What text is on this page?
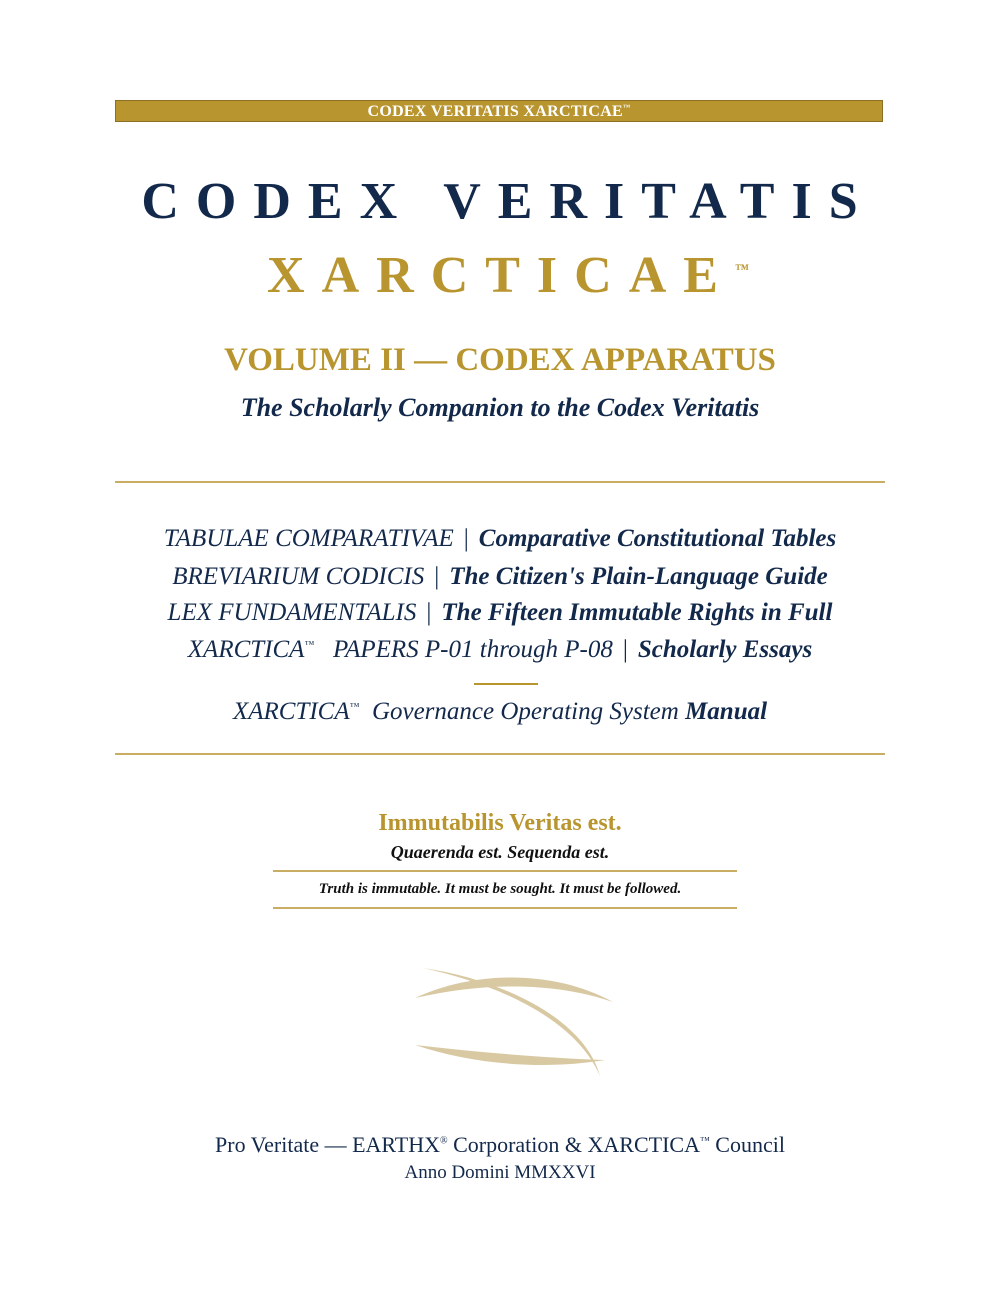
CODEX VERITATIS XARCTICAE™
CODEX VERITATIS
XARCTICAE™
VOLUME II — CODEX APPARATUS
The Scholarly Companion to the Codex Veritatis
TABULAE COMPARATIVAE | Comparative Constitutional Tables
BREVIARIUM CODICIS | The Citizen's Plain-Language Guide
LEX FUNDAMENTALIS | The Fifteen Immutable Rights in Full
XARCTICA™ PAPERS P-01 through P-08 | Scholarly Essays
XARCTICA™ Governance Operating System Manual
Immutabilis Veritas est.
Quaerenda est. Sequenda est.
Truth is immutable. It must be sought. It must be followed.
Pro Veritate — EARTHX® Corporation & XARCTICA™ Council
Anno Domini MMXXVI
